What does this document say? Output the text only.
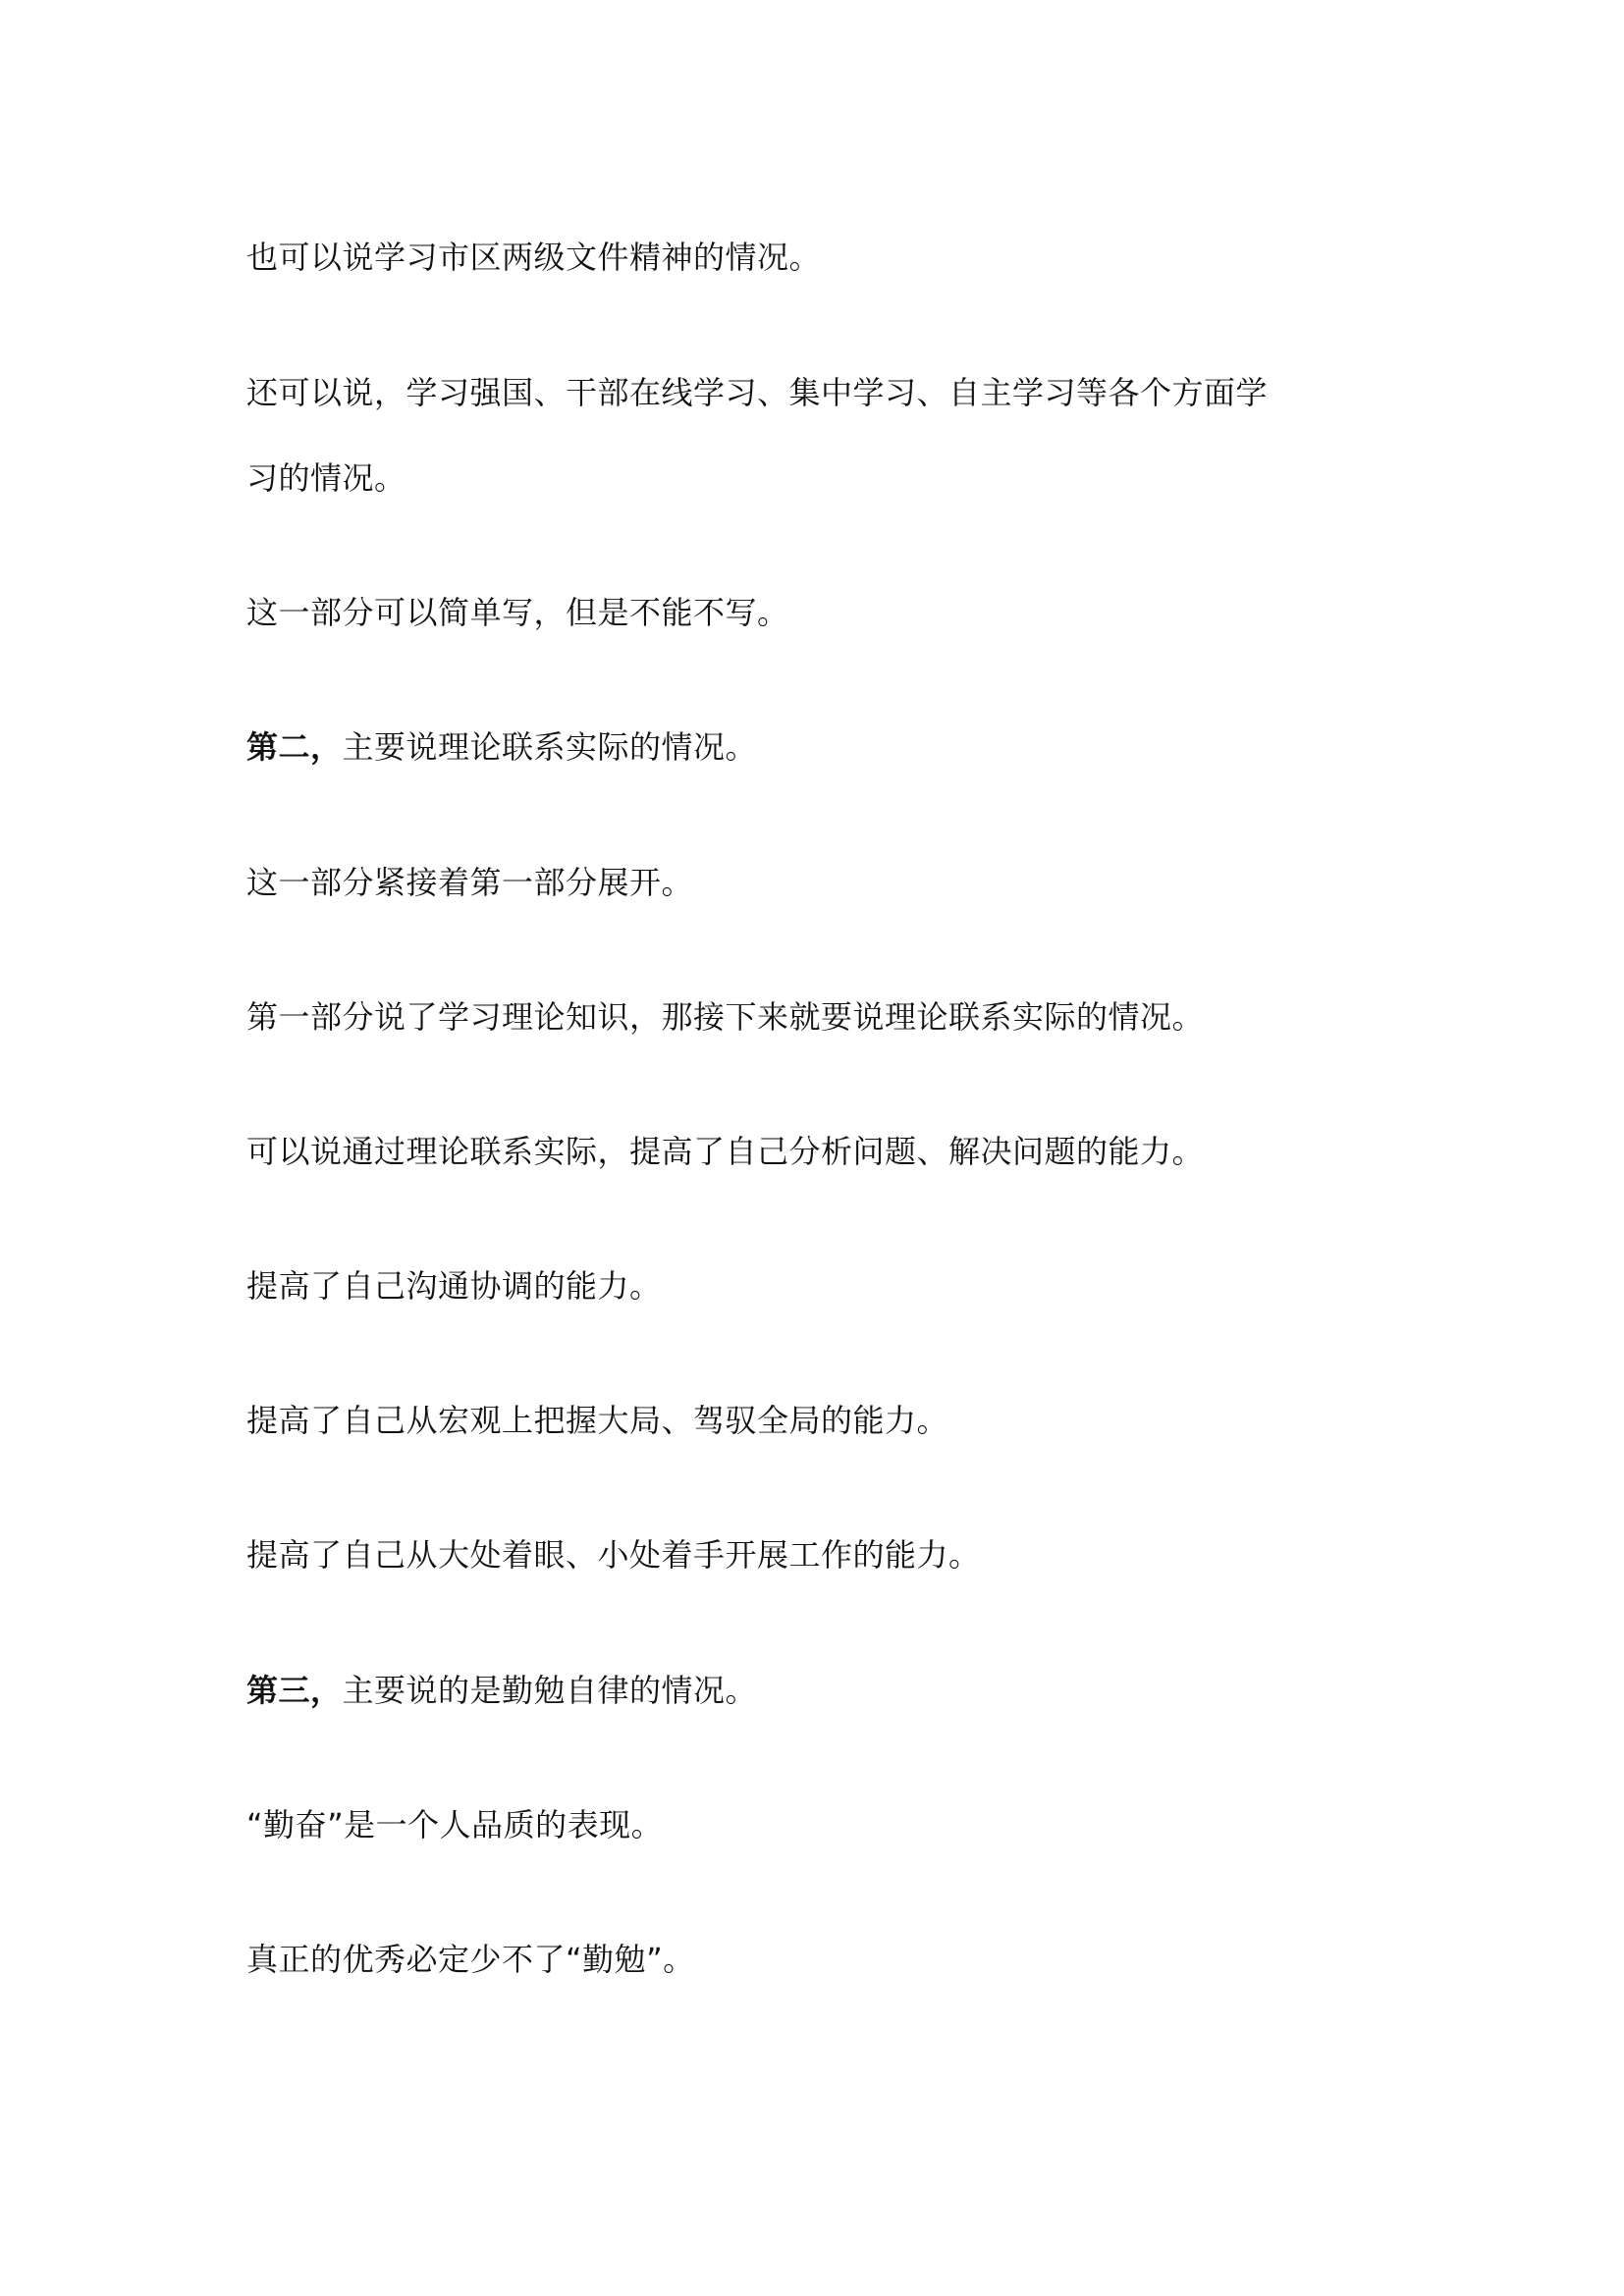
也可以说学习市区两级文件精神的情况。

还可以说，学习强国、干部在线学习、集中学习、自主学习等各个方面学

习的情况。

这一部分可以简单写，但是不能不写。

第二，主要说理论联系实际的情况。

这一部分紧接着第一部分展开。

第一部分说了学习理论知识，那接下来就要说理论联系实际的情况。

可以说通过理论联系实际，提高了自己分析问题、解决问题的能力。

提高了自己沟通协调的能力。

提高了自己从宏观上把握大局、驾驭全局的能力。

提高了自己从大处着眼、小处着手开展工作的能力。

第三，主要说的是勤勉自律的情况。

“勤奋”是一个人品质的表现。

真正的优秀必定少不了“勤勉”。
